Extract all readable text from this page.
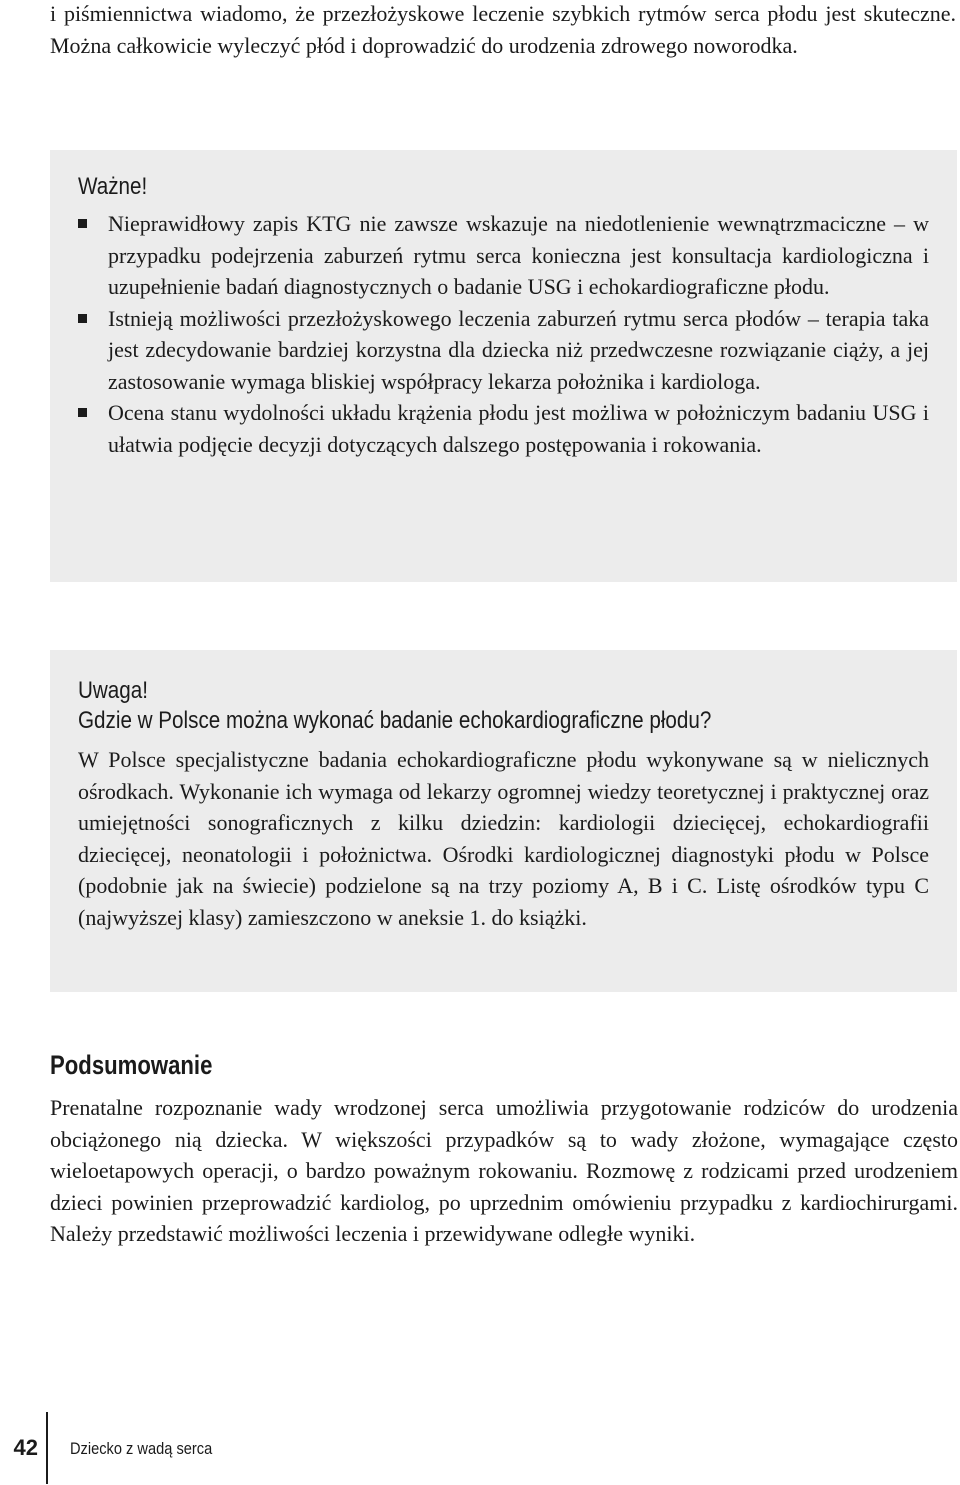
i piśmiennictwa wiadomo, że przezłożyskowe leczenie szybkich rytmów serca płodu jest skuteczne. Można całkowicie wyleczyć płód i doprowadzić do urodzenia zdrowego noworodka.

Ważne!
Nieprawidłowy zapis KTG nie zawsze wskazuje na niedotlenienie wewnątrzmaciczne – w przypadku podejrzenia zaburzeń rytmu serca konieczna jest konsultacja kardiologiczna i uzupełnienie badań diagnostycznych o badanie USG i echokardiograficzne płodu.
Istnieją możliwości przezłożyskowego leczenia zaburzeń rytmu serca płodów – terapia taka jest zdecydowanie bardziej korzystna dla dziecka niż przedwczesne rozwiązanie ciąży, a jej zastosowanie wymaga bliskiej współpracy lekarza położnika i kardiologa.
Ocena stanu wydolności układu krążenia płodu jest możliwa w położniczym badaniu USG i ułatwia podjęcie decyzji dotyczących dalszego postępowania i rokowania.
Uwaga!
Gdzie w Polsce można wykonać badanie echokardiograficzne płodu?

W Polsce specjalistyczne badania echokardiograficzne płodu wykonywane są w nielicznych ośrodkach. Wykonanie ich wymaga od lekarzy ogromnej wiedzy teoretycznej i praktycznej oraz umiejętności sonograficznych z kilku dziedzin: kardiologii dziecięcej, echokardiografii dziecięcej, neonatologii i położnictwa. Ośrodki kardiologicznej diagnostyki płodu w Polsce (podobnie jak na świecie) podzielone są na trzy poziomy A, B i C. Listę ośrodków typu C (najwyższej klasy) zamieszczono w aneksie 1. do książki.

Podsumowanie

Prenatalne rozpoznanie wady wrodzonej serca umożliwia przygotowanie rodziców do urodzenia obciążonego nią dziecka. W większości przypadków są to wady złożone, wymagające często wieloetapowych operacji, o bardzo poważnym rokowaniu. Rozmowę z rodzicami przed urodzeniem dzieci powinien przeprowadzić kardiolog, po uprzednim omówieniu przypadku z kardiochirurgami. Należy przedstawić możliwości leczenia i przewidywane odległe wyniki.

42 Dziecko z wadą serca
